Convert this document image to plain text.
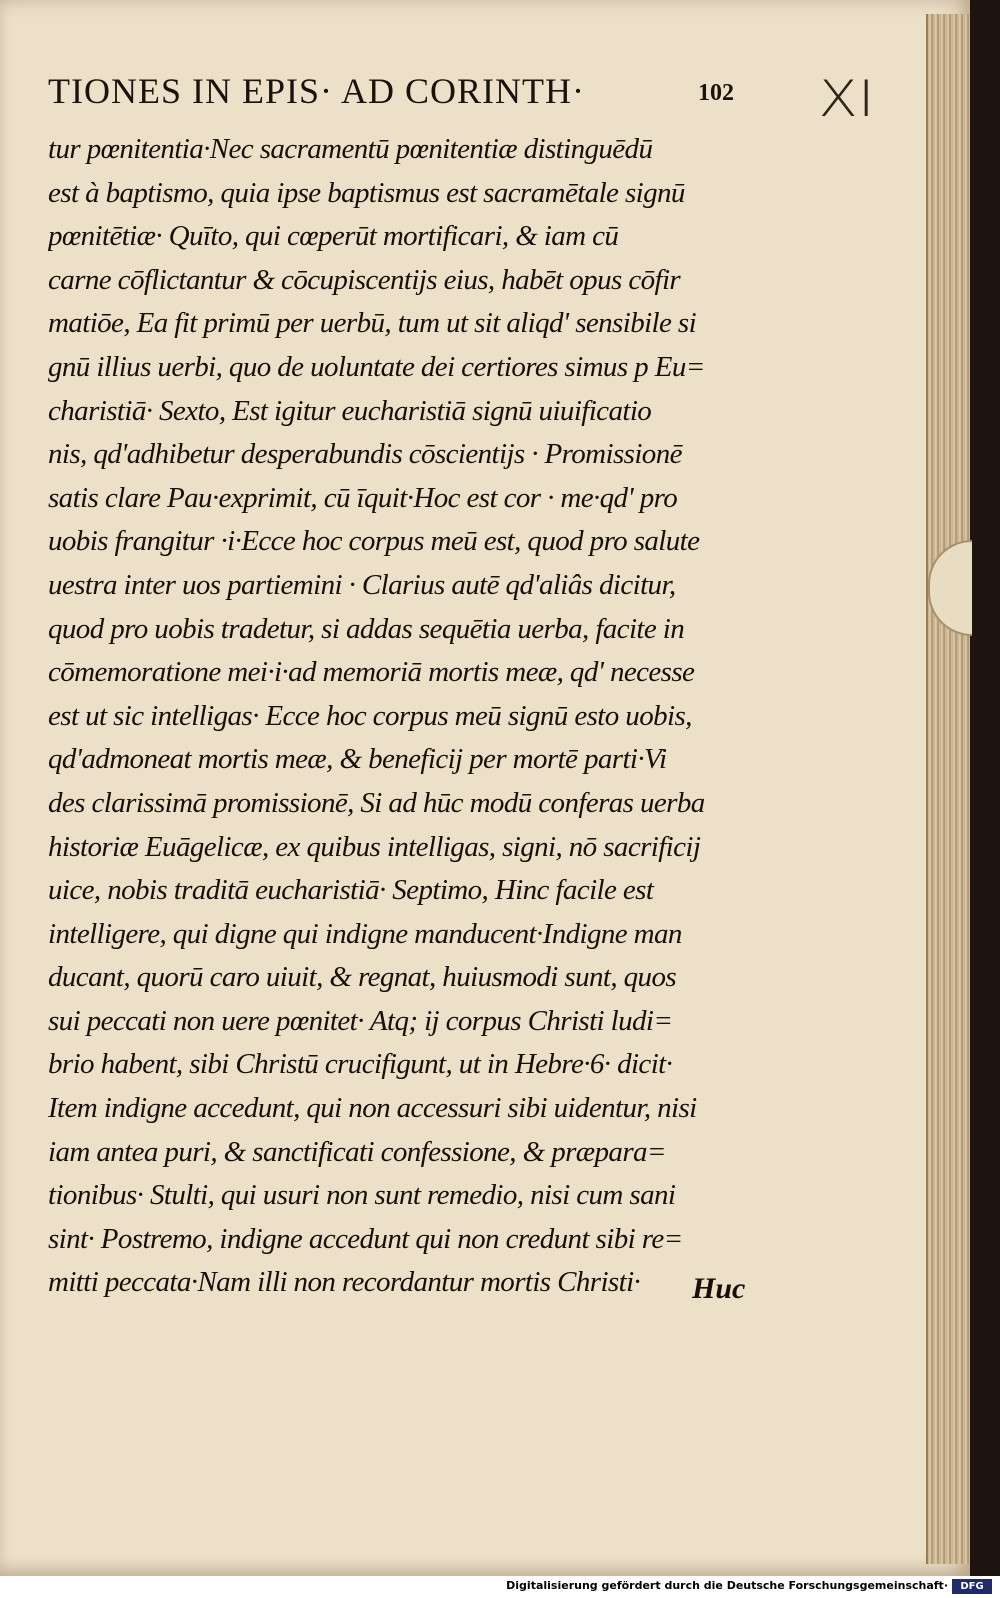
TIONES IN EPIS· AD CORINTH·	102 XI
tur pœnitentia·Nec sacramentū pœnitentiæ distinguēdū
est à baptismo, quia ipse baptismus est sacramētale signū
pœnitētiæ· Quīto, qui cœperūt mortificari, & iam cū
carne cōflictantur & cōcupiscentijs eius, habēt opus cōfir
matiōe, Ea fit primū per uerbū, tum ut sit aliqd' sensibile si
gnū illius uerbi, quo de uoluntate dei certiores simus p Eu=
charistiā· Sexto, Est igitur eucharistiā signū uiuificatio
nis, qd'adhibetur desperabundis cōscientijs · Promissionē
satis clare Pau·exprimit, cū īquit·Hoc est cor · me·qd' pro
uobis frangitur ·i·Ecce hoc corpus meū est, quod pro salute
uestra inter uos partiemini · Clarius autē qd'aliâs dicitur,
quod pro uobis tradetur, si addas sequētia uerba, facite in
cōmemoratione mei·i·ad memoriā mortis meæ, qd' necesse
est ut sic intelligas· Ecce hoc corpus meū signū esto uobis,
qd'admoneat mortis meæ, & beneficij per mortē parti·Vi
des clarissimā promissionē, Si ad hūc modū conferas uerba
historiæ Euāgelicæ, ex quibus intelligas, signi, nō sacrificij
uice, nobis traditā eucharistiā· Septimo, Hinc facile est
intelligere, qui digne qui indigne manducent·Indigne man
ducant, quorū caro uiuit, & regnat, huiusmodi sunt, quos
sui peccati non uere pœnitet· Atq; ij corpus Christi ludi=
brio habent, sibi Christū crucifigunt, ut in Hebre·6· dicit·
Item indigne accedunt, qui non accessuri sibi uidentur, nisi
iam antea puri, & sanctificati confessione, & præpara=
tionibus· Stulti, qui usuri non sunt remedio, nisi cum sani
sint· Postremo, indigne accedunt qui non credunt sibi re=
mitti peccata·Nam illi non recordantur mortis Christi·	Huc
Digitalisierung gefördert durch die Deutsche Forschungsgemeinschaft·	DFG
